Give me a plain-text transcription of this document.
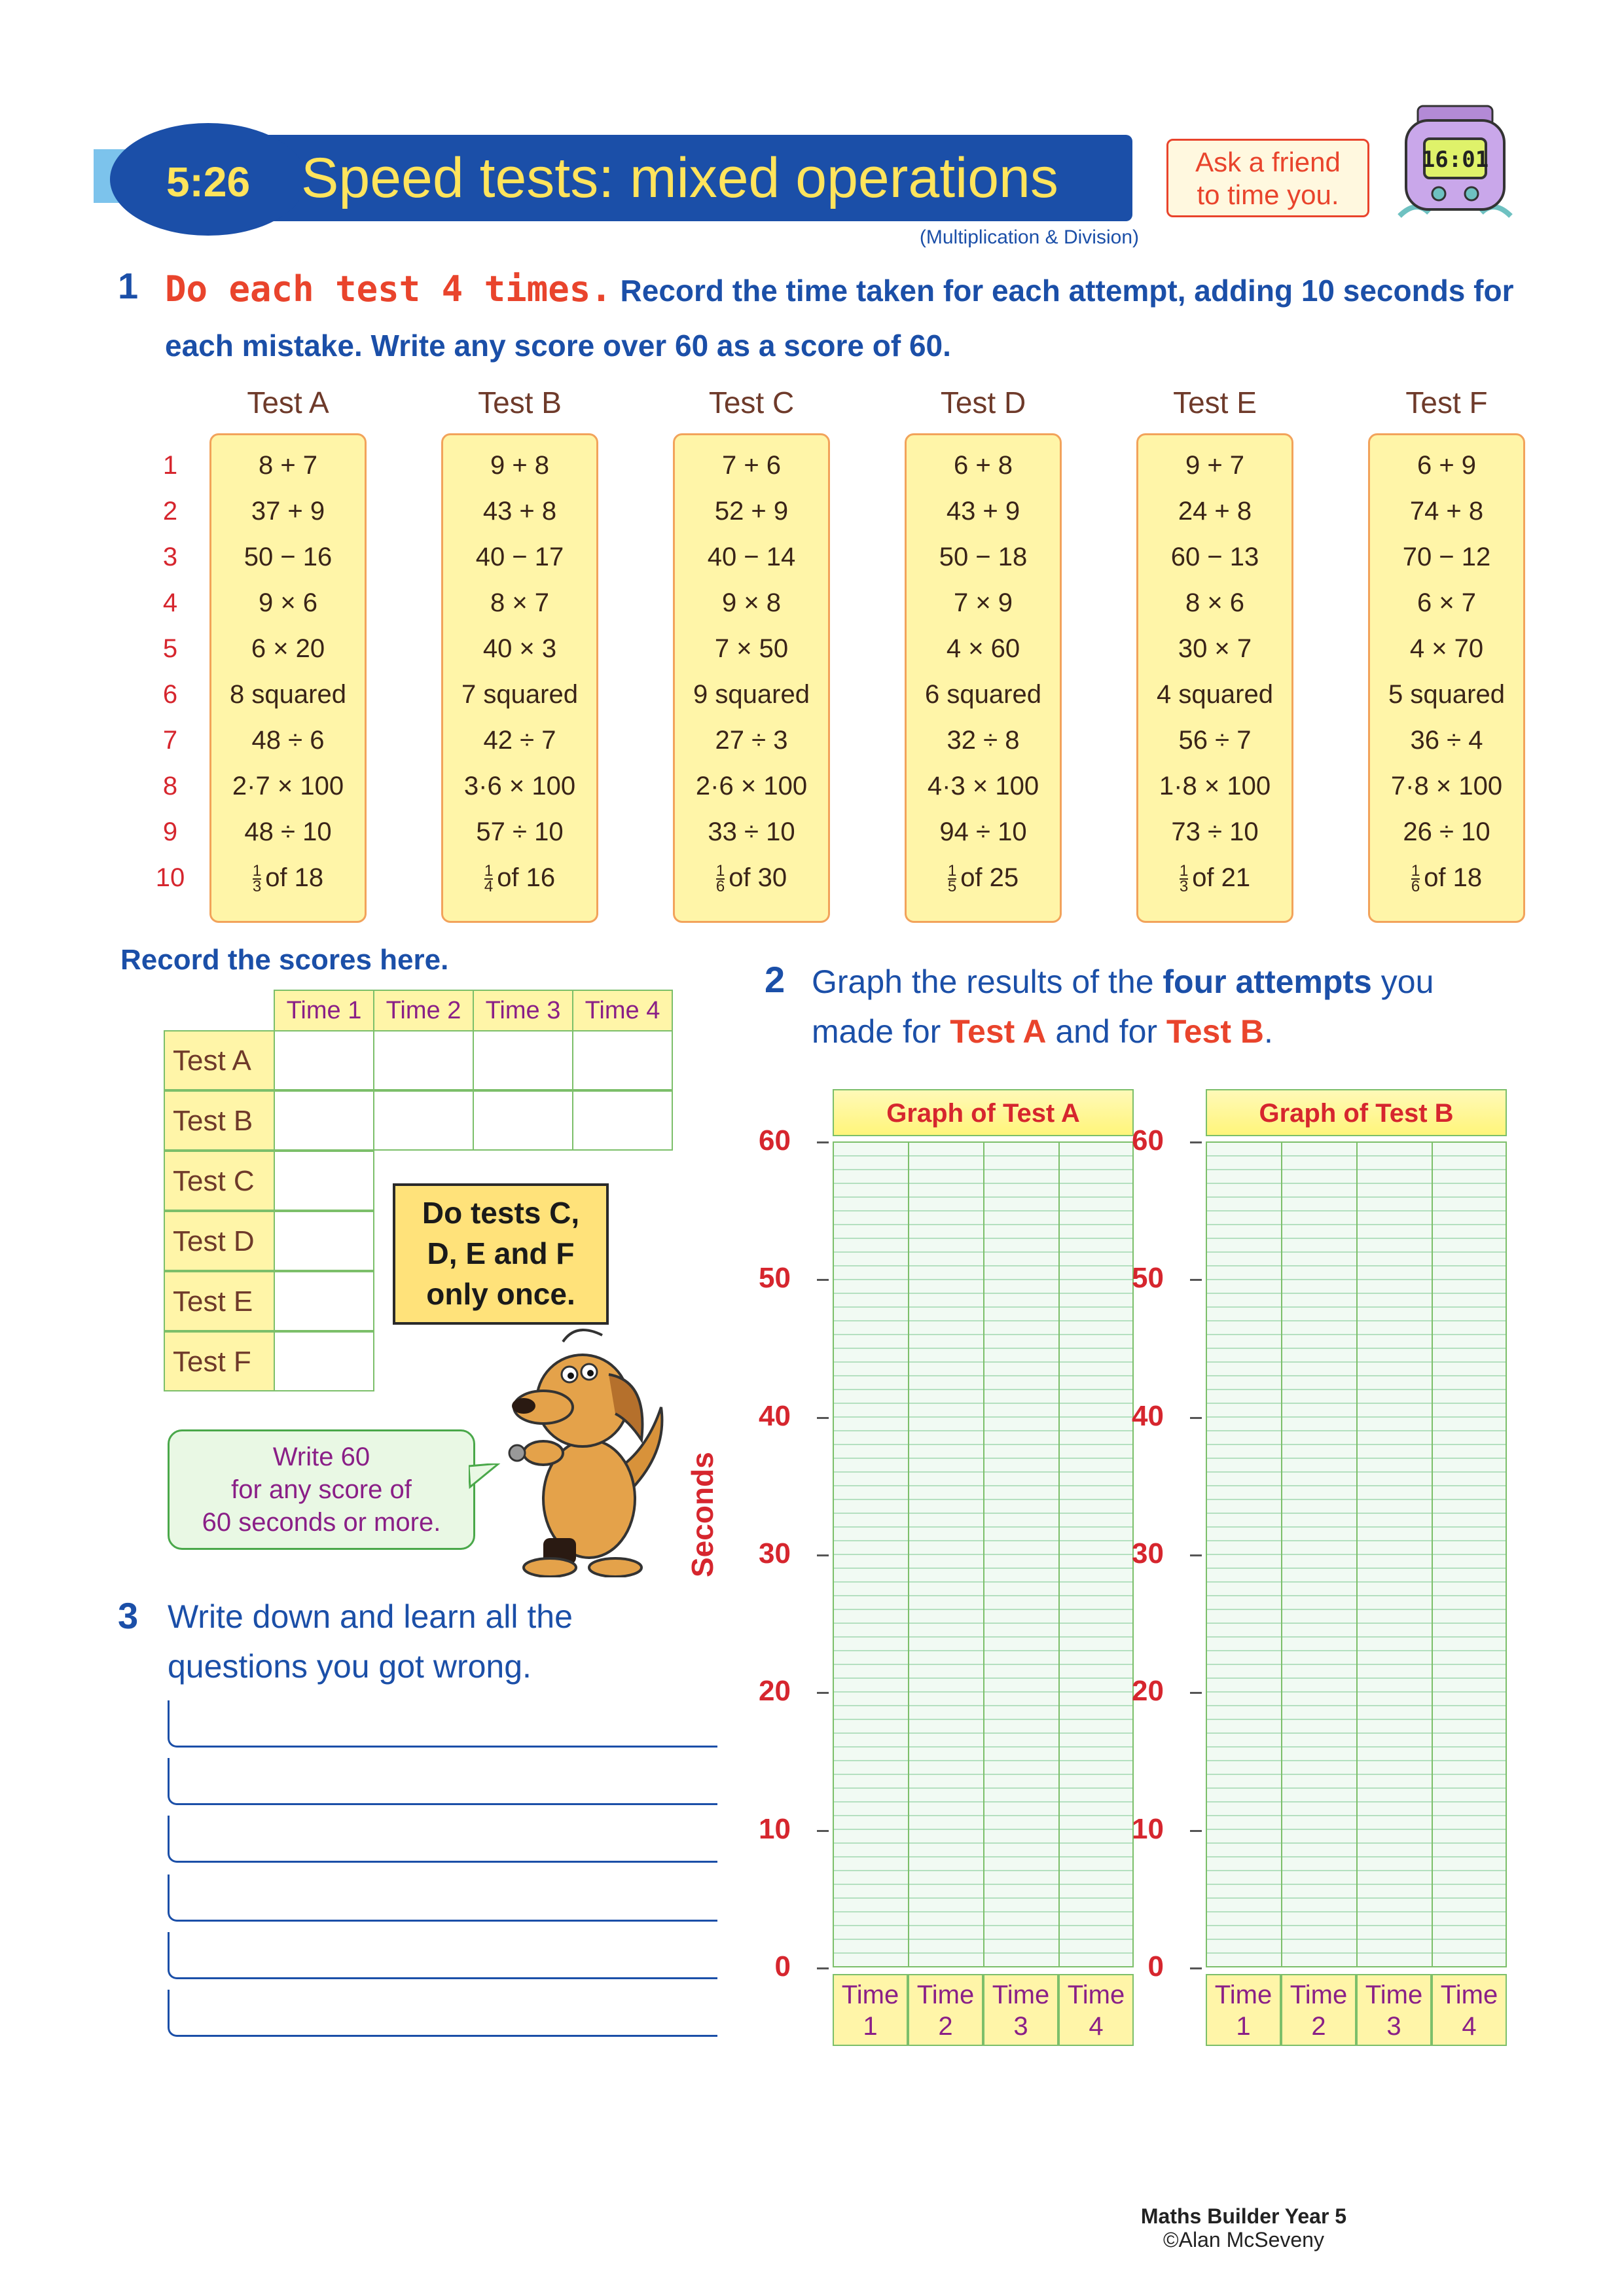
5:26 Speed tests: mixed operations
(Multiplication & Division)
Ask a friend
to time you.
16:01
1 Do each test 4 times. Record the time taken for each attempt, adding 10 seconds for each mistake. Write any score over 60 as a score of 60.
1
2
3
4
5
6
7
8
9
10
Test A
8 + 7
37 + 9
50 − 16
9 × 6
6 × 20
8 squared
48 ÷ 6
2·7 × 100
48 ÷ 10
$\frac{1}{3}$ of 18
Test B
9 + 8
43 + 8
40 − 17
8 × 7
40 × 3
7 squared
42 ÷ 7
3·6 × 100
57 ÷ 10
$\frac{1}{4}$ of 16
Test C
7 + 6
52 + 9
40 − 14
9 × 8
7 × 50
9 squared
27 ÷ 3
2·6 × 100
33 ÷ 10
$\frac{1}{6}$ of 30
Test D
6 + 8
43 + 9
50 − 18
7 × 9
4 × 60
6 squared
32 ÷ 8
4·3 × 100
94 ÷ 10
$\frac{1}{5}$ of 25
Test E
9 + 7
24 + 8
60 − 13
8 × 6
30 × 7
4 squared
56 ÷ 7
1·8 × 100
73 ÷ 10
$\frac{1}{3}$ of 21
Test F
6 + 9
74 + 8
70 − 12
6 × 7
4 × 70
5 squared
36 ÷ 4
7·8 × 100
26 ÷ 10
$\frac{1}{6}$ of 18
Record the scores here.
Time 1 Time 2 Time 3 Time 4
Test A
Test B
Test C
Test D
Test E
Test F
Do tests C,
D, E and F
only once.
Write 60
for any score of
60 seconds or more.
2 Graph the results of the four attempts you made for Test A and for Test B.
Seconds
Graph of Test A
60
50
40
30
20
10
0
Time
1
Time
2
Time
3
Time
4
Graph of Test B
60
50
40
30
20
10
0
Time
1
Time
2
Time
3
Time
4
3 Write down and learn all the questions you got wrong.
Maths Builder Year 5
©Alan McSeveny
